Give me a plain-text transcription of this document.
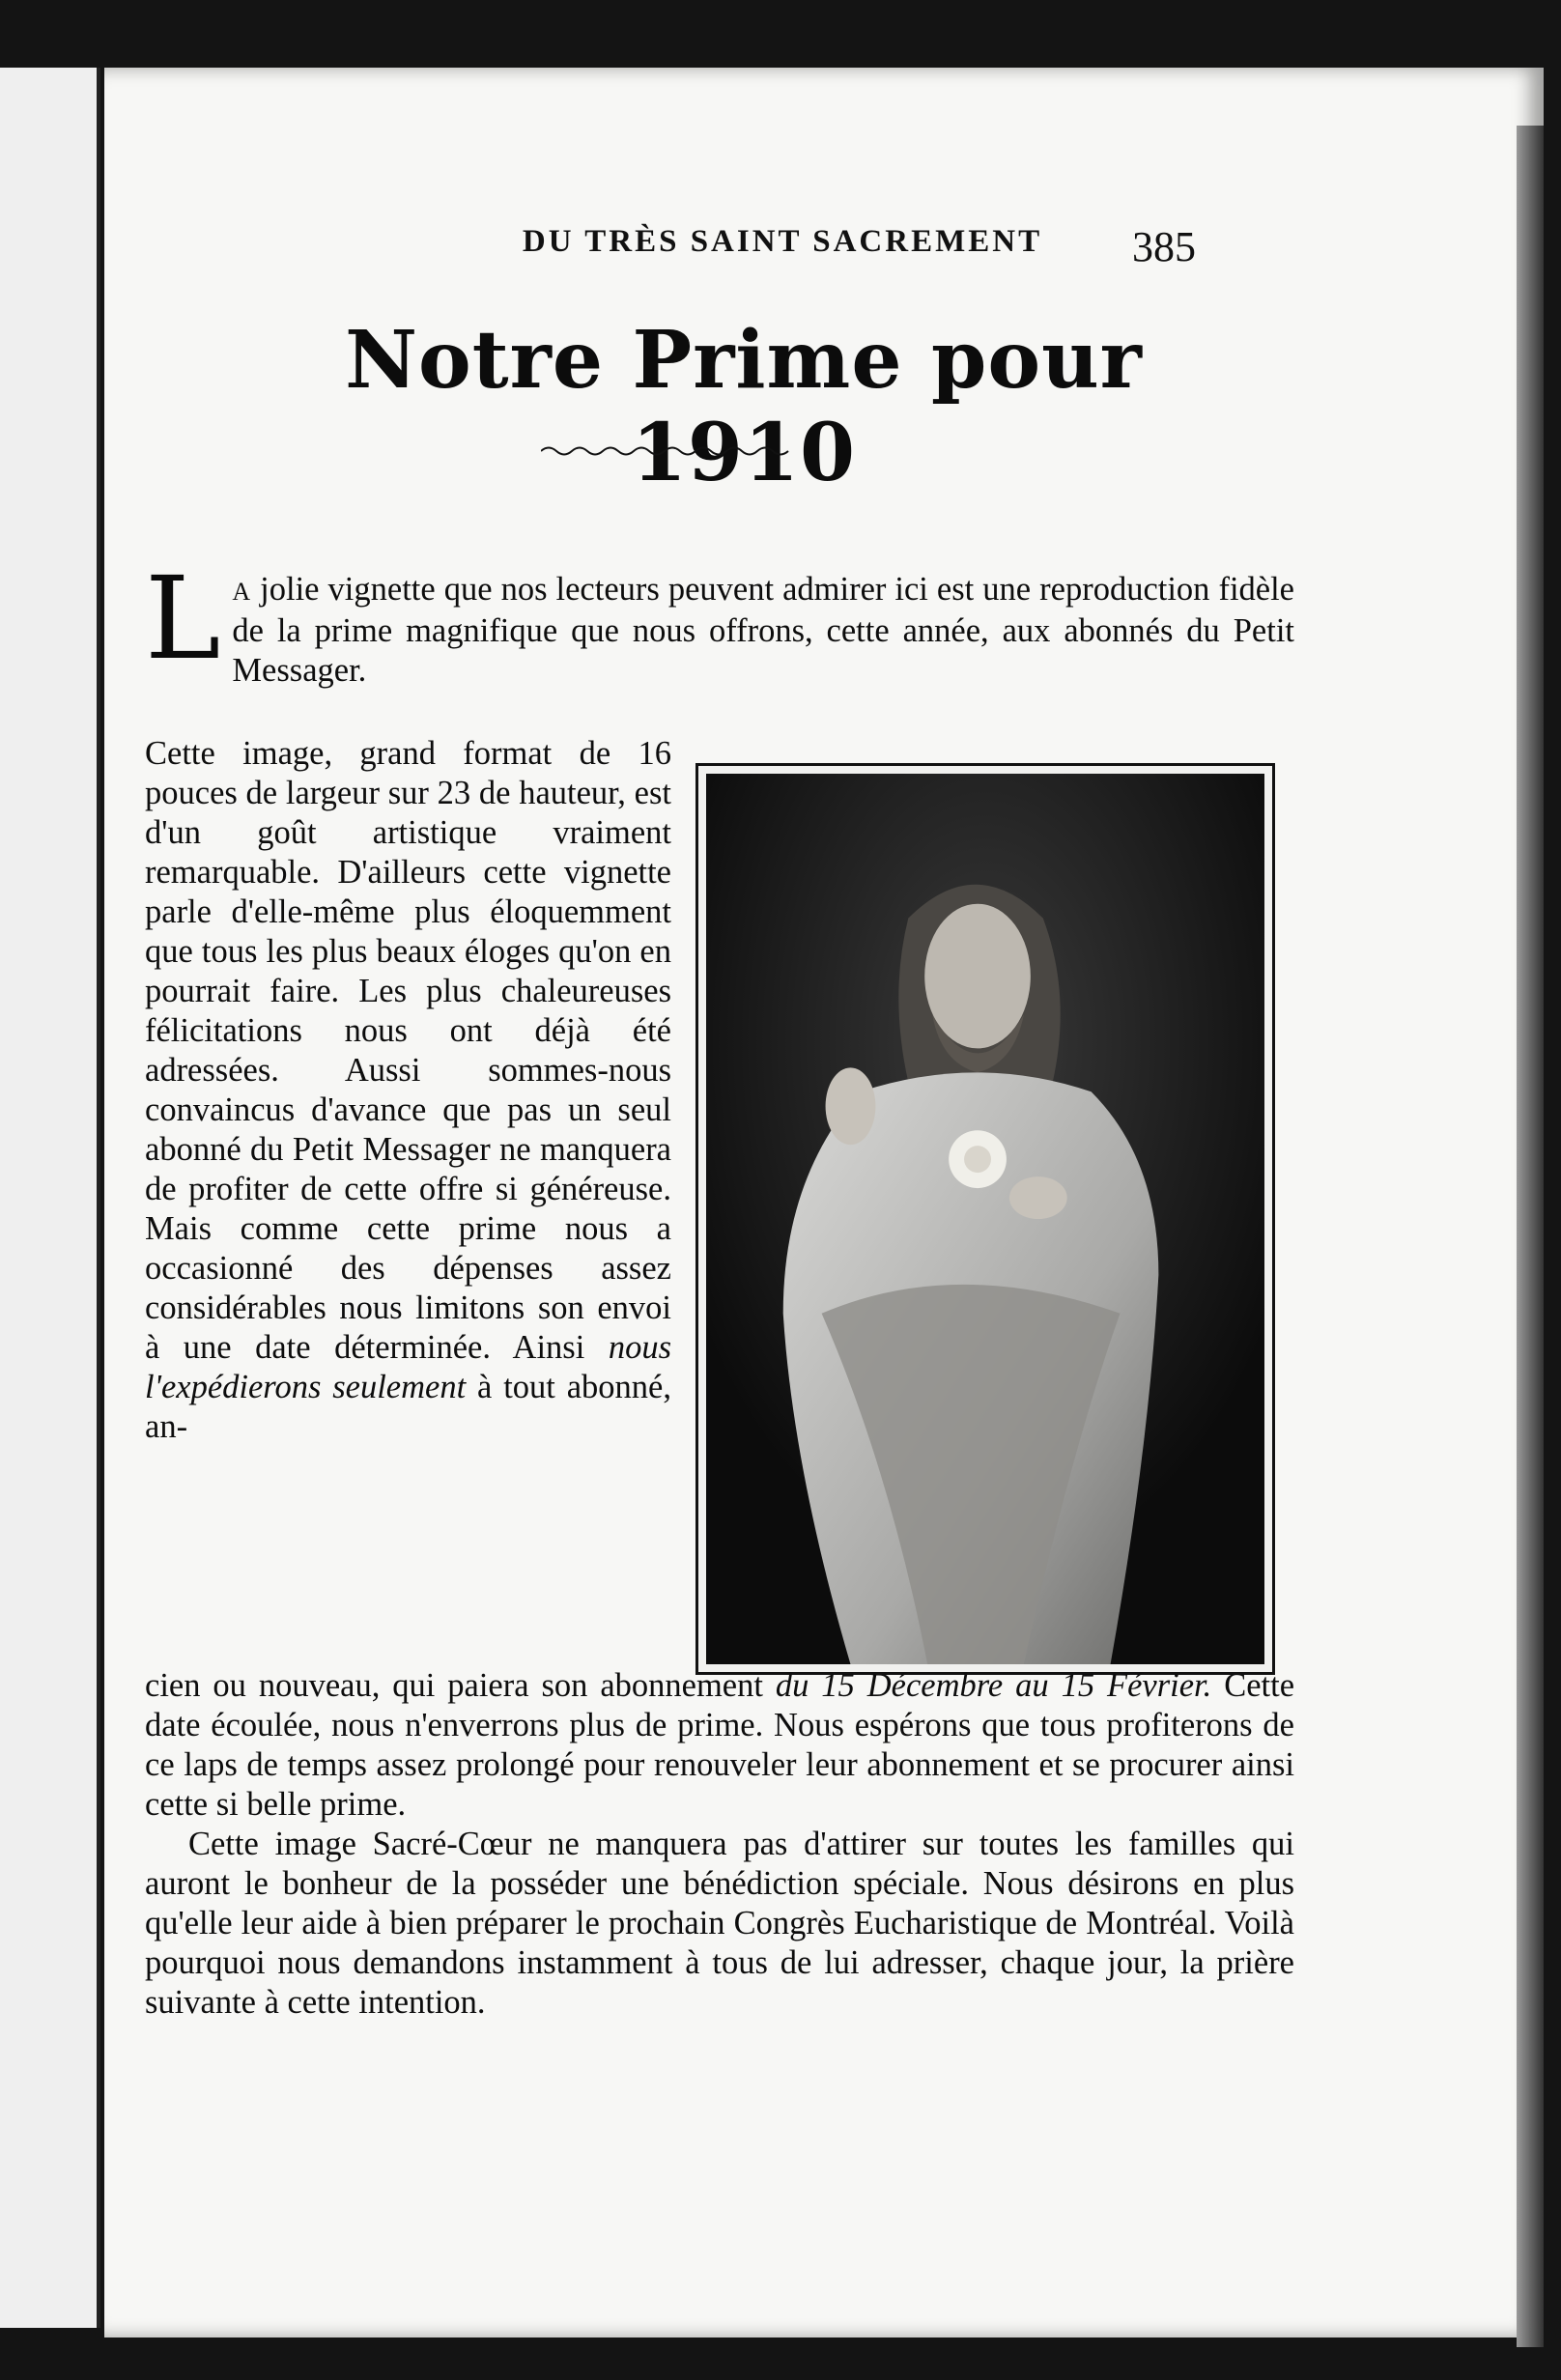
DU TRÈS SAINT SACREMENT	385
Notre Prime pour 1910
L A jolie vignette que nos lecteurs peuvent admirer ici est une reproduction fidèle de la prime magnifique que nous offrons, cette année, aux abonnés du Petit Messager.
Cette image, grand format de 16 pouces de largeur sur 23 de hauteur, est d'un goût artistique vraiment remarquable. D'ailleurs cette vignette parle d'elle-même plus éloquemment que tous les plus beaux éloges qu'on en pourrait faire. Les plus chaleureuses félicitations nous ont déjà été adressées. Aussi sommes-nous convaincus d'avance que pas un seul abonné du Petit Messager ne manquera de profiter de cette offre si généreuse. Mais comme cette prime nous a occasionné des dépenses assez considérables nous limitons son envoi à une date déterminée. Ainsi nous l'expédierons seulement à tout abonné, an-

cien ou nouveau, qui paiera son abonnement du 15 Décembre au 15 Février. Cette date écoulée, nous n'enverrons plus de prime. Nous espérons que tous profiterons de ce laps de temps assez prolongé pour renouveler leur abonnement et se procurer ainsi cette si belle prime.

Cette image Sacré-Cœur ne manquera pas d'attirer sur toutes les familles qui auront le bonheur de la posséder une bénédiction spéciale. Nous désirons en plus qu'elle leur aide à bien préparer le prochain Congrès Eucharistique de Montréal. Voilà pourquoi nous demandons instamment à tous de lui adresser, chaque jour, la prière suivante à cette intention.
